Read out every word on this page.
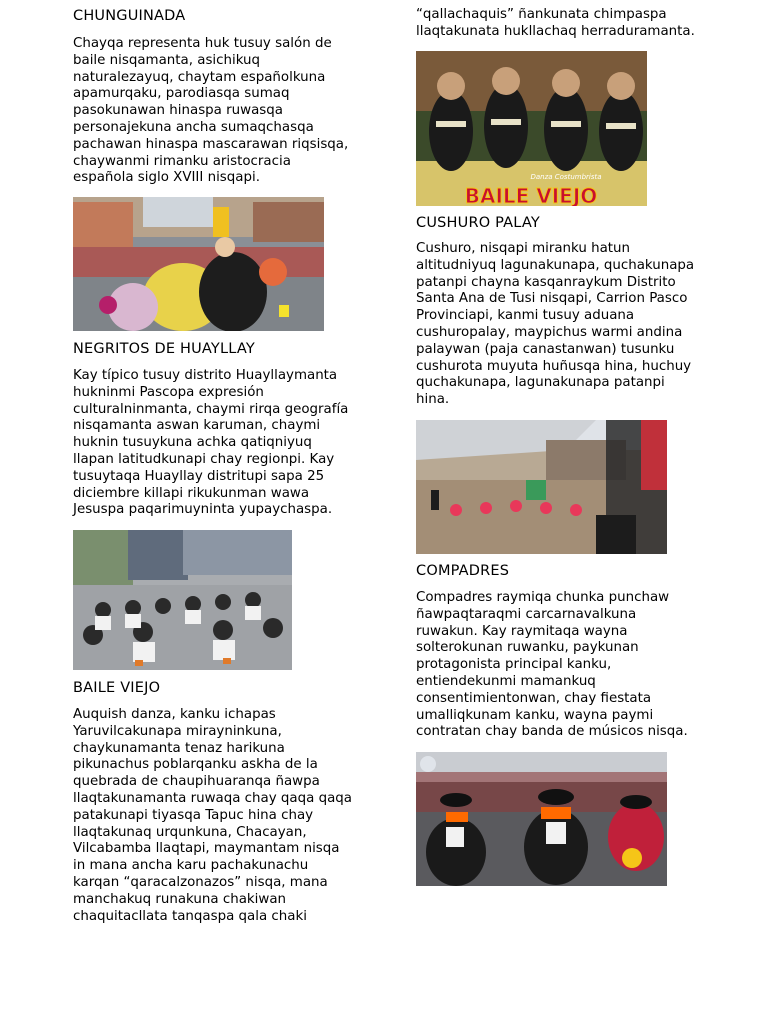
CHUNGUINADA

Chayqa representa huk tusuy salón de
baile nisqamanta, asichikuq
naturalezayuq, chaytam españolkuna
apamurqaku, parodiasqa sumaq
pasokunawan hinaspa ruwasqa
personajekuna ancha sumaqchasqa
pachawan hinaspa mascarawan riqsisqa,
chaywanmi rimanku aristocracia
española siglo XVIII nisqapi.

NEGRITOS DE HUAYLLAY

Kay típico tusuy distrito Huayllaymanta
hukninmi Pascopa expresión
culturalninmanta, chaymi rirqa geografía
nisqamanta aswan karuman, chaymi
huknin tusuykuna achka qatiqniyuq
llapan latitudkunapi chay regionpi. Kay
tusuytaqa Huayllay distritupi sapa 25
diciembre killapi rikukunman wawa
Jesuspa paqarimuyninta yupaychaspa.

BAILE VIEJO

Auquish danza, kanku ichapas
Yaruvilcakunapa mirayninkuna,
chaykunamanta tenaz harikuna
pikunachus poblarqanku askha de la
quebrada de chaupihuaranqa ñawpa
llaqtakunamanta ruwaqa chay qaqa qaqa
patakunapi tiyasqa Tapuc hina chay
llaqtakunaq urqunkuna, Chacayan,
Vilcabamba llaqtapi, maymantam nisqa
in mana ancha karu pachakunachu
karqan “qaracalzonazos” nisqa, mana
manchakuq runakuna chakiwan
chaquitacllata tanqaspa qala chaki

“qallachaquis” ñankunata chimpaspa
llaqtakunata hukllachaq herraduramanta.

Danza Costumbrista
BAILE VIEJO
CUSHURO PALAY

Cushuro, nisqapi miranku hatun
altitudniyuq lagunakunapa, quchakunapa
patanpi chayna kasqanraykum Distrito
Santa Ana de Tusi nisqapi, Carrion Pasco
Provinciapi, kanmi tusuy aduana
cushuropalay, maypichus warmi andina
palaywan (paja canastanwan) tusunku
cushurota muyuta huñusqa hina, huchuy
quchakunapa, lagunakunapa patanpi
hina.

COMPADRES

Compadres raymiqa chunka punchaw
ñawpaqtaraqmi carcarnavalkuna
ruwakun. Kay raymitaqa wayna
solterokunan ruwanku, paykunan
protagonista principal kanku,
entiendekunmi mamankuq
consentimientonwan, chay fiestata
umalliqkunam kanku, wayna paymi
contratan chay banda de músicos nisqa.
